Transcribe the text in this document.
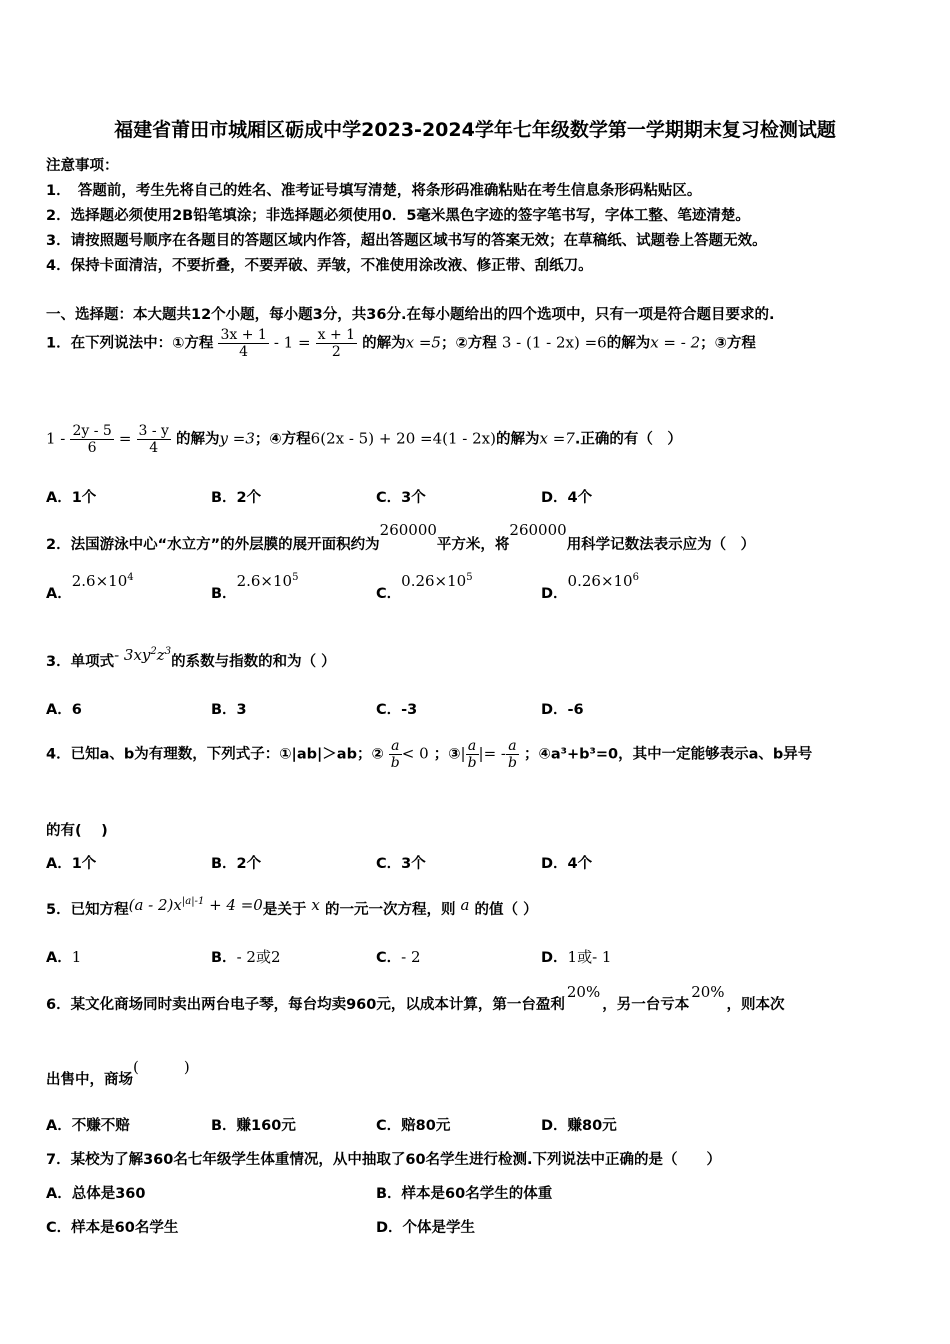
福建省莆田市城厢区砺成中学2023-2024学年七年级数学第一学期期末复习检测试题
注意事项：
1．　答题前，考生先将自己的姓名、准考证号填写清楚，将条形码准确粘贴在考生信息条形码粘贴区。
2．选择题必须使用2B铅笔填涂；非选择题必须使用0．5毫米黑色字迹的签字笔书写，字体工整、笔迹清楚。
3．请按照题号顺序在各题目的答题区域内作答，超出答题区域书写的答案无效；在草稿纸、试题卷上答题无效。
4．保持卡面清洁，不要折叠，不要弄破、弄皱，不准使用涂改液、修正带、刮纸刀。
一、选择题：本大题共12个小题，每小题3分，共36分.在每小题给出的四个选项中，只有一项是符合题目要求的.
1．在下列说法中：①方程 $\frac{3x + 1}{4} - 1 = \frac{x + 1}{2}$ 的解为x =5；②方程 3 - (1 - 2x) =6的解为x = - 2；③方程
$1 - \frac{2y - 5}{6} = \frac{3 - y}{4}$ 的解为y =3；④方程6(2x - 5) + 20 =4(1 - 2x)的解为x =7.正确的有（　）
A．1个	B．2个	C．3个	D．4个
2．法国游泳中心“水立方”的外层膜的展开面积约为260000平方米，将260000用科学记数法表示应为（　）
A．$2.6\times 10^4$
B．$2.6\times 10^5$
C．$0.26\times 10^5$
D．$0.26\times 10^6$
3．单项式- $3xy^2z^3$的系数与指数的和为（ ）
A．6	B．3	C．-3	D．-6
4．已知a、b为有理数，下列式子：①|ab|＞ab；② $\frac{a}{b} < 0$ ；③| $\frac{a}{b}$ |= - $\frac{a}{b}$ ；④a³+b³=0，其中一定能够表示a、b异号
的有(　 )
A．1个	B．2个	C．3个	D．4个
5．已知方程$(a - 2)x^{|a|-1} + 4 =0$是关于 x 的一元一次方程，则 a 的值（ ）
A．1	B．- 2或2	C．- 2	D．1或- 1
6．某文化商场同时卖出两台电子琴，每台均卖960元，以成本计算，第一台盈利20%，另一台亏本20%，则本次
出售中，商场(　　　)
A．不赚不赔	B．赚160元	C．赔80元	D．赚80元
7．某校为了解360名七年级学生体重情况，从中抽取了60名学生进行检测.下列说法中正确的是（　　）
A．总体是360	B．样本是60名学生的体重
C．样本是60名学生	D．个体是学生
